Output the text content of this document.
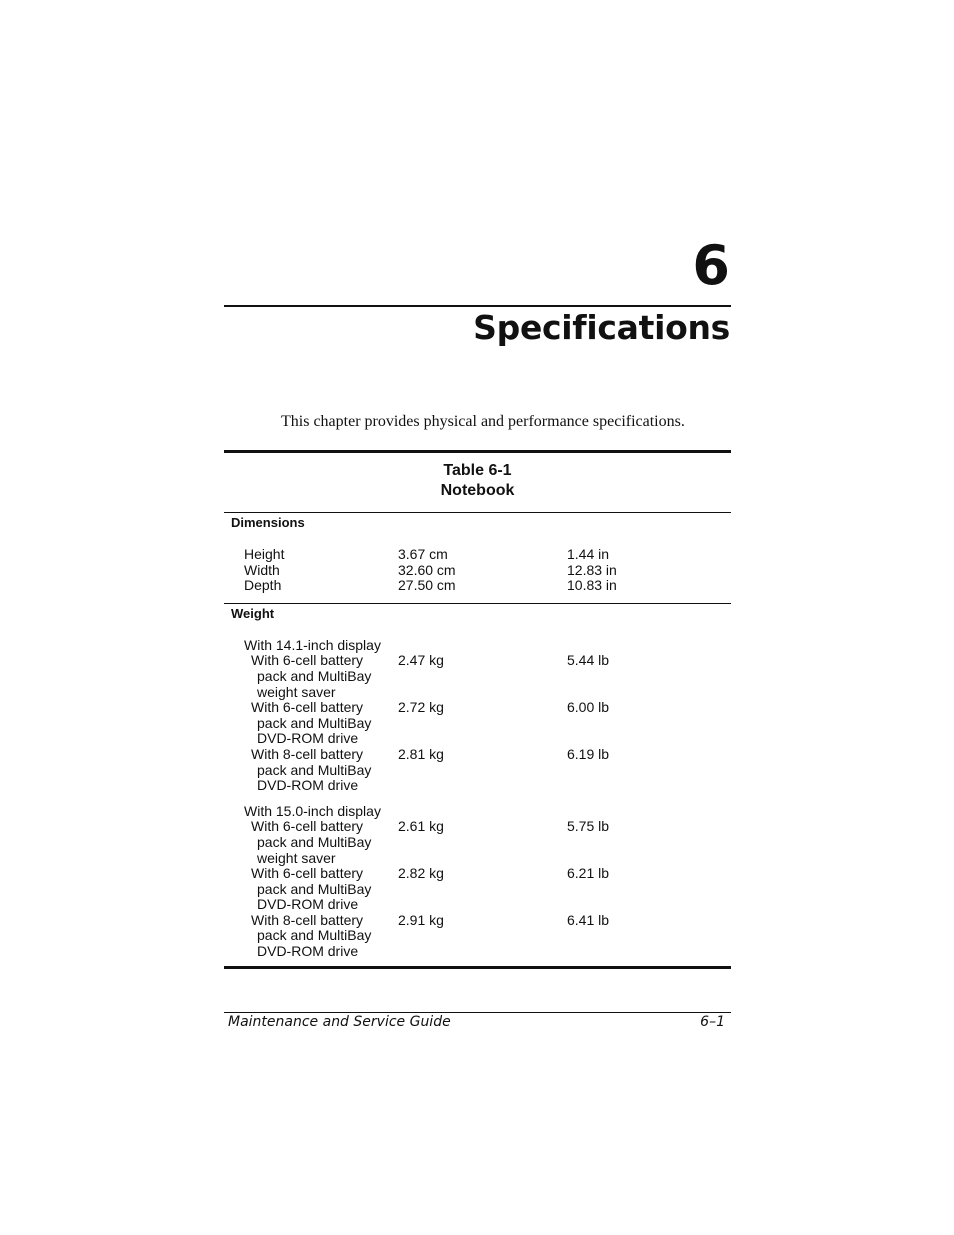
6
Specifications

This chapter provides physical and performance specifications.

Table 6-1
Notebook
Dimensions
Height	3.67 cm	1.44 in
Width	32.60 cm	12.83 in
Depth	27.50 cm	10.83 in
Weight
With 14.1-inch display
With 6-cell battery
pack and MultiBay
weight saver
2.47 kg	5.44 lb
With 6-cell battery
pack and MultiBay
DVD-ROM drive
2.72 kg	6.00 lb
With 8-cell battery
pack and MultiBay
DVD-ROM drive
2.81 kg	6.19 lb
With 15.0-inch display
With 6-cell battery
pack and MultiBay
weight saver
2.61 kg	5.75 lb
With 6-cell battery
pack and MultiBay
DVD-ROM drive
2.82 kg	6.21 lb
With 8-cell battery
pack and MultiBay
DVD-ROM drive
2.91 kg	6.41 lb
Maintenance and Service Guide	6–1
